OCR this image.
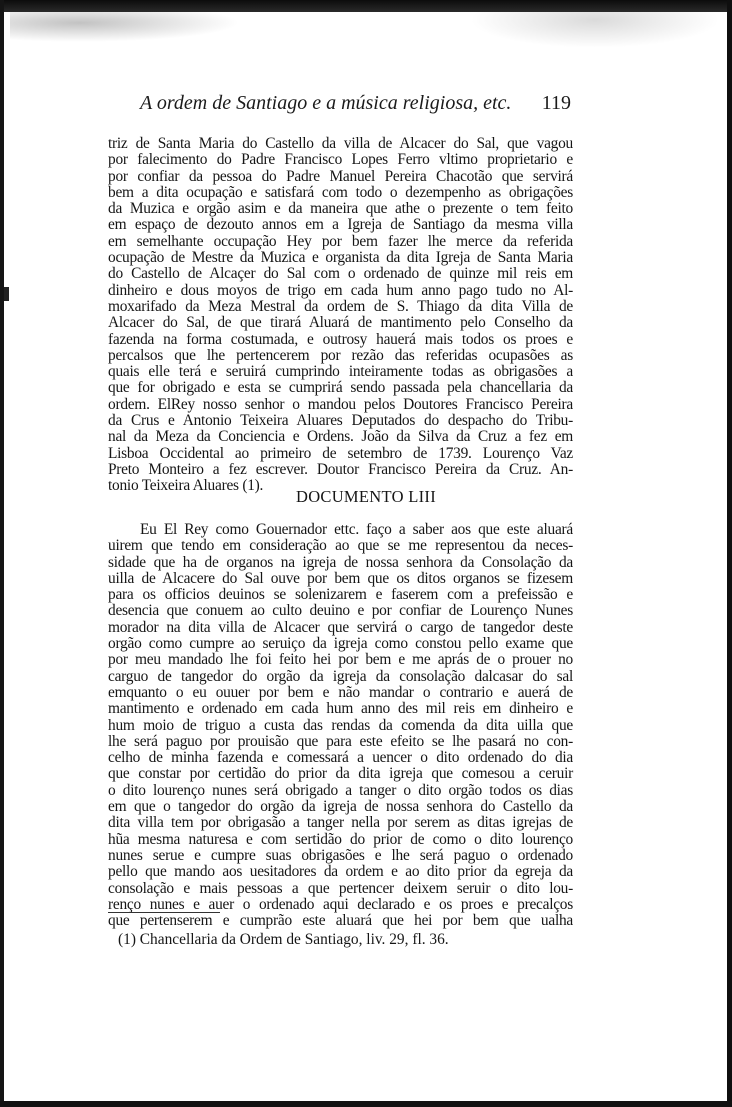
A ordem de Santiago e a música religiosa, etc. 119
triz de Santa Maria do Castello da villa de Alcacer do Sal, que vagou
por falecimento do Padre Francisco Lopes Ferro vltimo proprietario e
por confiar da pessoa do Padre Manuel Pereira Chacotão que servirá
bem a dita ocupação e satisfará com todo o dezempenho as obrigações
da Muzica e orgão asim e da maneira que athe o prezente o tem feito
em espaço de dezouto annos em a Igreja de Santiago da mesma villa
em semelhante occupação Hey por bem fazer lhe merce da referida
ocupação de Mestre da Muzica e organista da dita Igreja de Santa Maria
do Castello de Alcaçer do Sal com o ordenado de quinze mil reis em
dinheiro e dous moyos de trigo em cada hum anno pago tudo no Al-
moxarifado da Meza Mestral da ordem de S. Thiago da dita Villa de
Alcacer do Sal, de que tirará Aluará de mantimento pelo Conselho da
fazenda na forma costumada, e outrosy hauerá mais todos os proes e
percalsos que lhe pertencerem por rezão das referidas ocupasões as
quais elle terá e seruirá cumprindo inteiramente todas as obrigasões a
que for obrigado e esta se cumprirá sendo passada pela chancellaria da
ordem. ElRey nosso senhor o mandou pelos Doutores Francisco Pereira
da Crus e Antonio Teixeira Aluares Deputados do despacho do Tribu-
nal da Meza da Conciencia e Ordens. João da Silva da Cruz a fez em
Lisboa Occidental ao primeiro de setembro de 1739. Lourenço Vaz
Preto Monteiro a fez escrever. Doutor Francisco Pereira da Cruz. An-
tonio Teixeira Aluares (1).
DOCUMENTO LIII
Eu El Rey como Gouernador ettc. faço a saber aos que este aluará
uirem que tendo em consideração ao que se me representou da neces-
sidade que ha de organos na igreja de nossa senhora da Consolação da
uilla de Alcacere do Sal ouve por bem que os ditos organos se fizesem
para os officios deuinos se solenizarem e faserem com a prefeissão e
desencia que conuem ao culto deuino e por confiar de Lourenço Nunes
morador na dita villa de Alcacer que servirá o cargo de tangedor deste
orgão como cumpre ao seruiço da igreja como constou pello exame que
por meu mandado lhe foi feito hei por bem e me aprás de o prouer no
carguo de tangedor do orgão da igreja da consolação dalcasar do sal
emquanto o eu ouuer por bem e não mandar o contrario e auerá de
mantimento e ordenado em cada hum anno des mil reis em dinheiro e
hum moio de triguo a custa das rendas da comenda da dita uilla que
lhe será paguo por prouisão que para este efeito se lhe pasará no con-
celho de minha fazenda e comessará a uencer o dito ordenado do dia
que constar por certidão do prior da dita igreja que comesou a ceruir
o dito lourenço nunes será obrigado a tanger o dito orgão todos os dias
em que o tangedor do orgão da igreja de nossa senhora do Castello da
dita villa tem por obrigasão a tanger nella por serem as ditas igrejas de
hũa mesma naturesa e com sertidão do prior de como o dito lourenço
nunes serue e cumpre suas obrigasões e lhe será paguo o ordenado
pello que mando aos uesitadores da ordem e ao dito prior da egreja da
consolação e mais pessoas a que pertencer deixem seruir o dito lou-
renço nunes e auer o ordenado aqui declarado e os proes e precalços
que pertenserem e cumprão este aluará que hei por bem que ualha
(1) Chancellaria da Ordem de Santiago, liv. 29, fl. 36.
